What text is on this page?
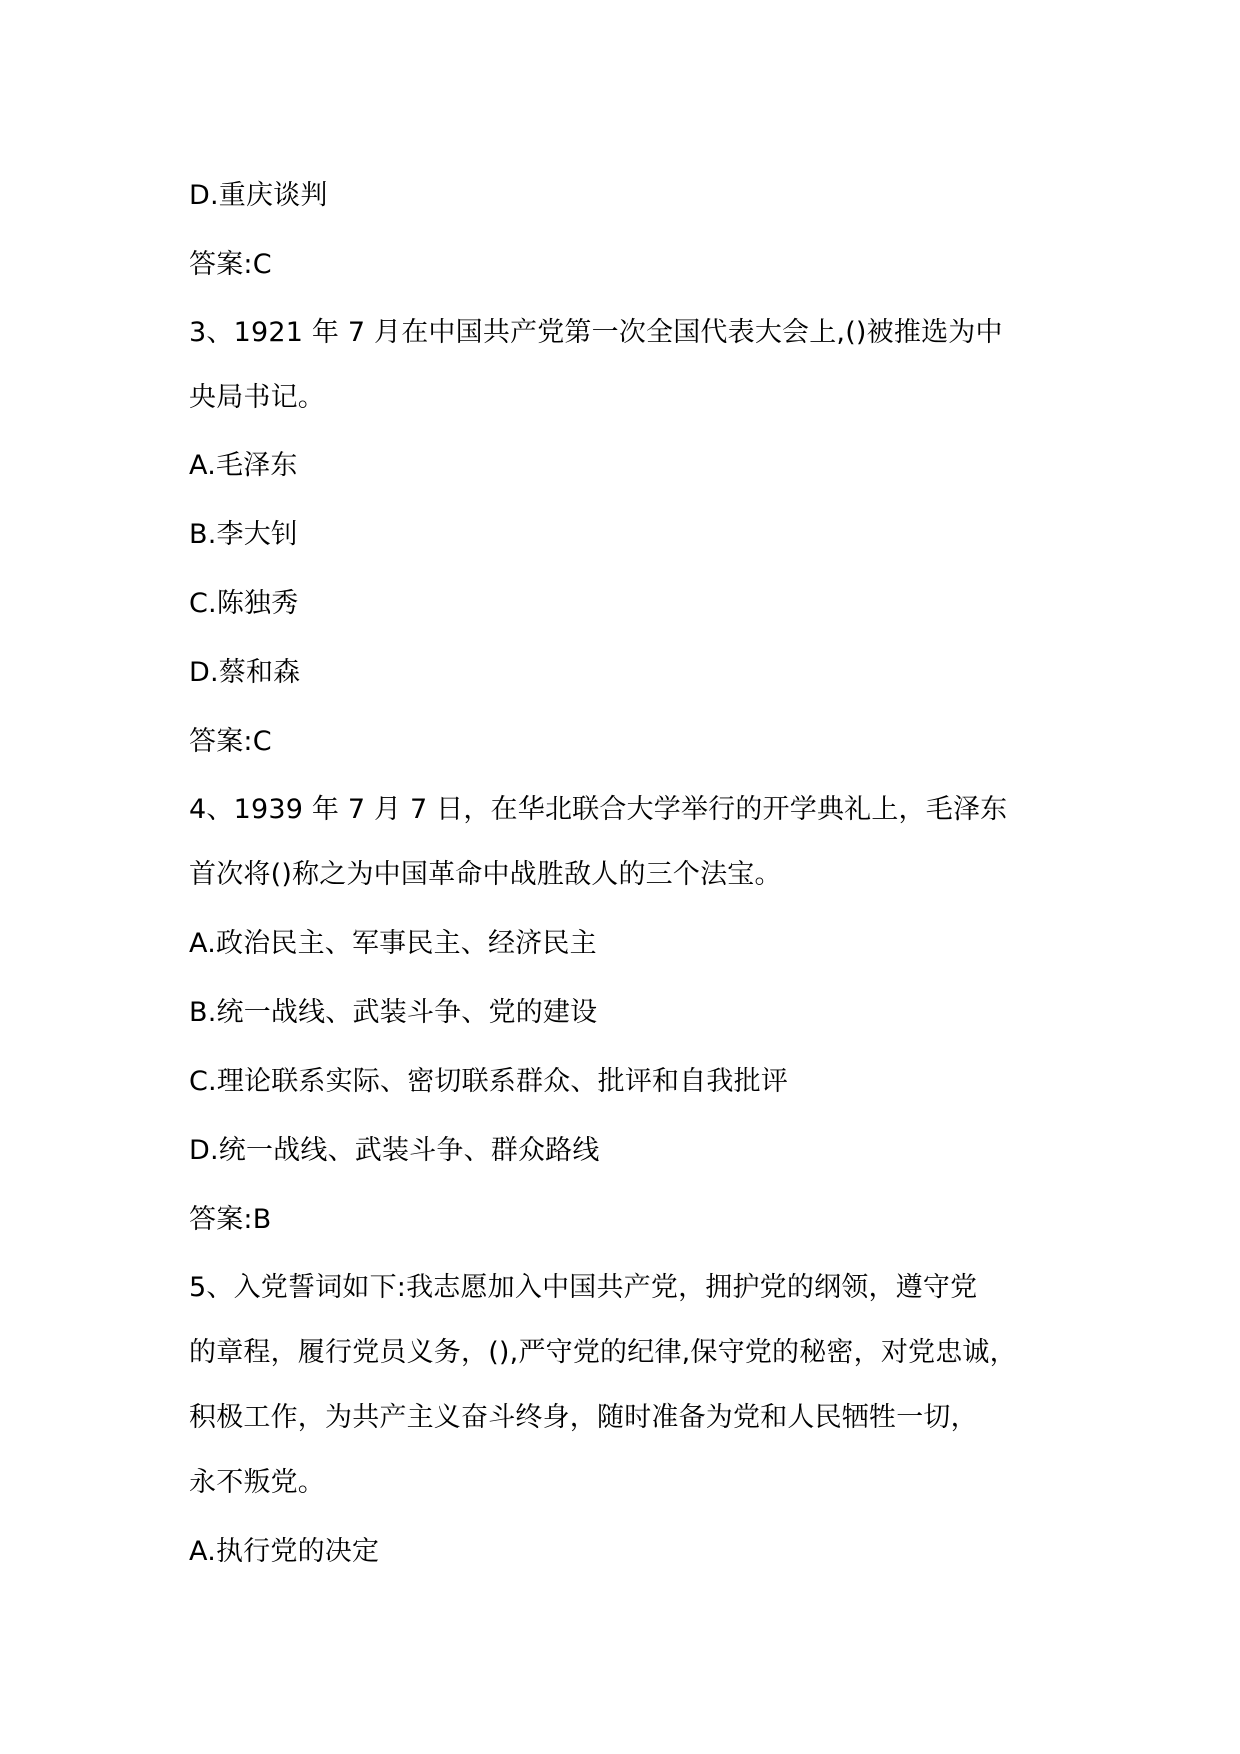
D.重庆谈判
答案:C
3、1921 年 7 月在中国共产党第一次全国代表大会上,()被推选为中
央局书记。
A.毛泽东
B.李大钊
C.陈独秀
D.蔡和森
答案:C
4、1939 年 7 月 7 日，在华北联合大学举行的开学典礼上，毛泽东
首次将()称之为中国革命中战胜敌人的三个法宝。
A.政治民主、军事民主、经济民主
B.统一战线、武装斗争、党的建设
C.理论联系实际、密切联系群众、批评和自我批评
D.统一战线、武装斗争、群众路线
答案:B
5、入党誓词如下:我志愿加入中国共产党，拥护党的纲领，遵守党
的章程，履行党员义务，(),严守党的纪律,保守党的秘密，对党忠诚，
积极工作，为共产主义奋斗终身，随时准备为党和人民牺牲一切，
永不叛党。
A.执行党的决定
